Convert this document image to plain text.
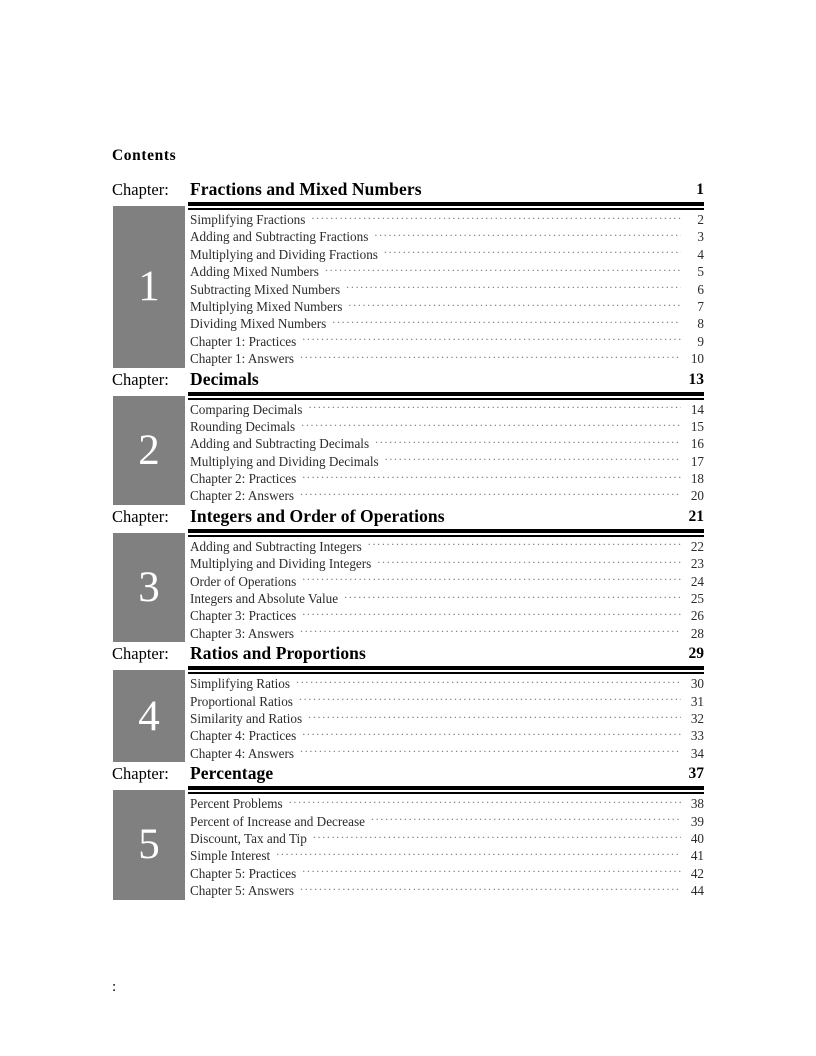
Contents
Chapter: Fractions and Mixed Numbers	1
1
Simplifying Fractions .....	2
Adding and Subtracting Fractions .....	3
Multiplying and Dividing Fractions .....	4
Adding Mixed Numbers .....	5
Subtracting Mixed Numbers .....	6
Multiplying Mixed Numbers .....	7
Dividing Mixed Numbers .....	8
Chapter 1: Practices .....	9
Chapter 1: Answers .....	10
Chapter: Decimals	13
2
Comparing Decimals .....	14
Rounding Decimals .....	15
Adding and Subtracting Decimals .....	16
Multiplying and Dividing Decimals .....	17
Chapter 2: Practices .....	18
Chapter 2: Answers .....	20
Chapter: Integers and Order of Operations	21
3
Adding and Subtracting Integers .....	22
Multiplying and Dividing Integers .....	23
Order of Operations .....	24
Integers and Absolute Value .....	25
Chapter 3: Practices .....	26
Chapter 3: Answers .....	28
Chapter: Ratios and Proportions	29
4
Simplifying Ratios .....	30
Proportional Ratios .....	31
Similarity and Ratios .....	32
Chapter 4: Practices .....	33
Chapter 4: Answers .....	34
Chapter: Percentage	37
5
Percent Problems .....	38
Percent of Increase and Decrease .....	39
Discount, Tax and Tip .....	40
Simple Interest .....	41
Chapter 5: Practices .....	42
Chapter 5: Answers .....	44
:
